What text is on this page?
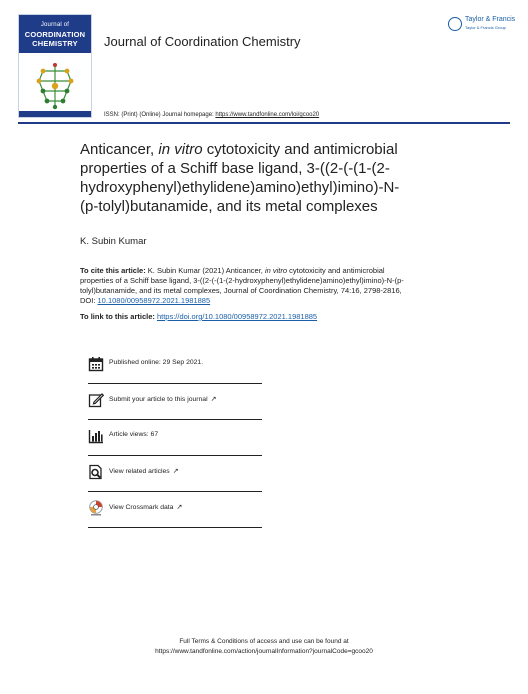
Journal of
COORDINATION
CHEMISTRY	Journal of Coordination Chemistry
Taylor & Francis
Taylor & Francis Group
ISSN: (Print) (Online) Journal homepage: https://www.tandfonline.com/loi/gcoo20
Anticancer, in vitro cytotoxicity and antimicrobial
properties of a Schiff base ligand, 3-((2-(-(1-(2-
hydroxyphenyl)ethylidene)amino)ethyl)imino)-N-
(p-tolyl)butanamide, and its metal complexes
K. Subin Kumar
To cite this article: K. Subin Kumar (2021) Anticancer, in vitro cytotoxicity and antimicrobial
properties of a Schiff base ligand, 3-((2-(-(1-(2-hydroxyphenyl)ethylidene)amino)ethyl)imino)-N-(p-
tolyl)butanamide, and its metal complexes, Journal of Coordination Chemistry, 74:16, 2798-2816,
DOI: 10.1080/00958972.2021.1981885
To link to this article: https://doi.org/10.1080/00958972.2021.1981885
Published online: 29 Sep 2021.
Submit your article to this journal ↗
Article views: 67
View related articles ↗
View Crossmark data ↗
Full Terms & Conditions of access and use can be found at
https://www.tandfonline.com/action/journalInformation?journalCode=gcoo20
